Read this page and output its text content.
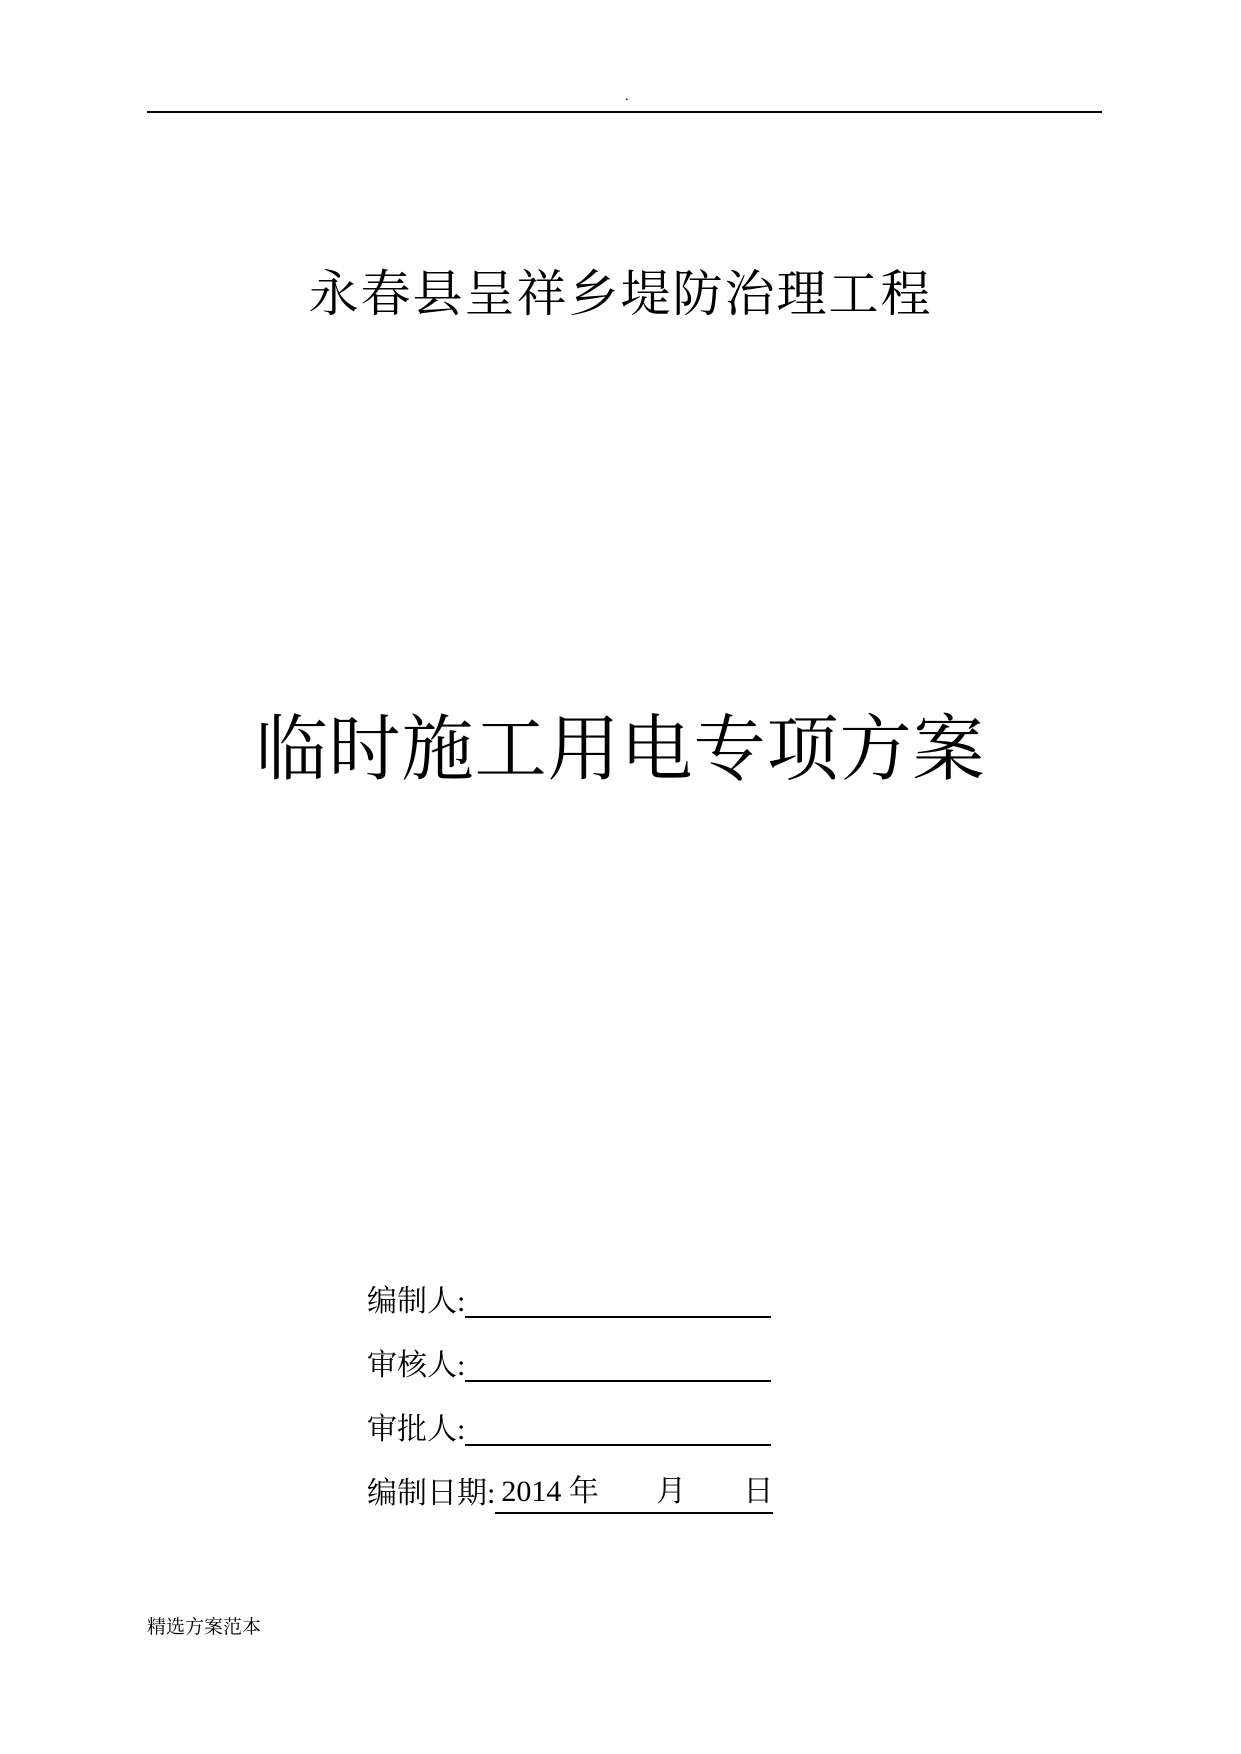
.
永春县呈祥乡堤防治理工程
临时施工用电专项方案
编制人:
审核人:
审批人:
编制日期: 2014 年 月 日
精选方案范本
